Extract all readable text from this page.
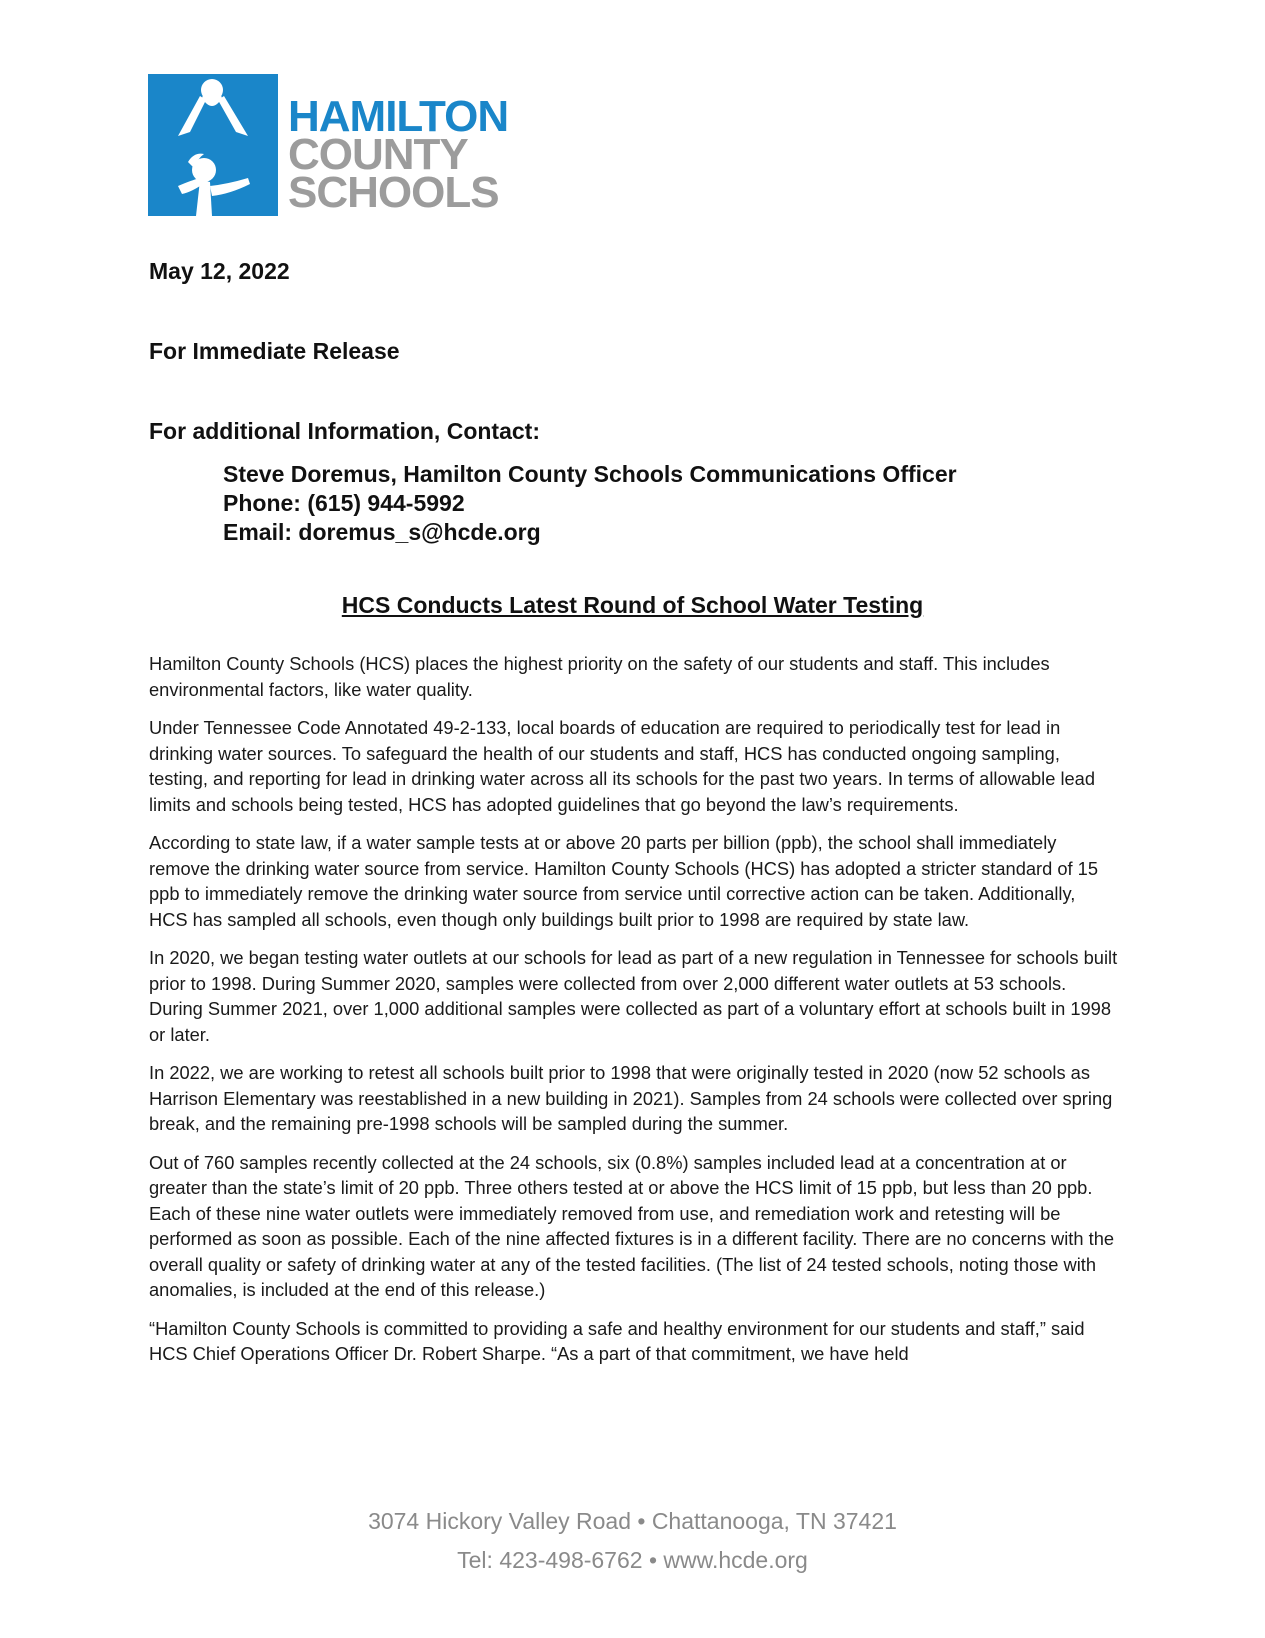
HAMILTON
COUNTY
SCHOOLS
May 12, 2022
For Immediate Release
For additional Information, Contact:
Steve Doremus, Hamilton County Schools Communications Officer
Phone: (615) 944-5992
Email: doremus_s@hcde.org
HCS Conducts Latest Round of School Water Testing

Hamilton County Schools (HCS) places the highest priority on the safety of our students and staff. This includes environmental factors, like water quality.

Under Tennessee Code Annotated 49-2-133, local boards of education are required to periodically test for lead in drinking water sources. To safeguard the health of our students and staff, HCS has conducted ongoing sampling, testing, and reporting for lead in drinking water across all its schools for the past two years. In terms of allowable lead limits and schools being tested, HCS has adopted guidelines that go beyond the law’s requirements.

According to state law, if a water sample tests at or above 20 parts per billion (ppb), the school shall immediately remove the drinking water source from service. Hamilton County Schools (HCS) has adopted a stricter standard of 15 ppb to immediately remove the drinking water source from service until corrective action can be taken. Additionally, HCS has sampled all schools, even though only buildings built prior to 1998 are required by state law.

In 2020, we began testing water outlets at our schools for lead as part of a new regulation in Tennessee for schools built prior to 1998. During Summer 2020, samples were collected from over 2,000 different water outlets at 53 schools. During Summer 2021, over 1,000 additional samples were collected as part of a voluntary effort at schools built in 1998 or later.

In 2022, we are working to retest all schools built prior to 1998 that were originally tested in 2020 (now 52 schools as Harrison Elementary was reestablished in a new building in 2021). Samples from 24 schools were collected over spring break, and the remaining pre-1998 schools will be sampled during the summer.

Out of 760 samples recently collected at the 24 schools, six (0.8%) samples included lead at a concentration at or greater than the state’s limit of 20 ppb. Three others tested at or above the HCS limit of 15 ppb, but less than 20 ppb. Each of these nine water outlets were immediately removed from use, and remediation work and retesting will be performed as soon as possible. Each of the nine affected fixtures is in a different facility. There are no concerns with the overall quality or safety of drinking water at any of the tested facilities. (The list of 24 tested schools, noting those with anomalies, is included at the end of this release.)

“Hamilton County Schools is committed to providing a safe and healthy environment for our students and staff,” said HCS Chief Operations Officer Dr. Robert Sharpe. “As a part of that commitment, we have held

3074 Hickory Valley Road • Chattanooga, TN 37421
Tel: 423-498-6762 • www.hcde.org
